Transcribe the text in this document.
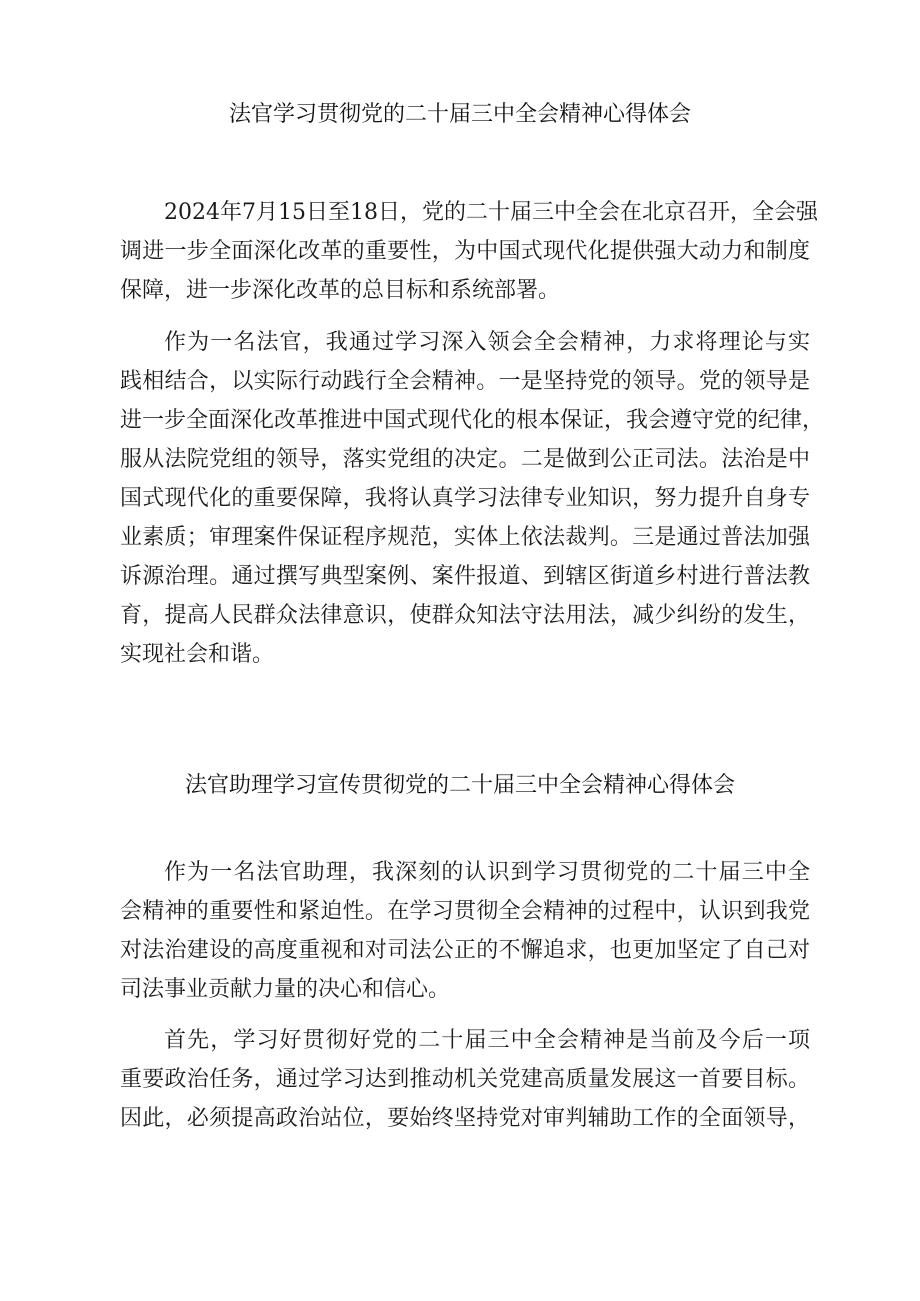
法官学习贯彻党的二十届三中全会精神心得体会
2024年7月15日至18日，党的二十届三中全会在北京召开，全会强
调进一步全面深化改革的重要性，为中国式现代化提供强大动力和制度
保障，进一步深化改革的总目标和系统部署。
作为一名法官，我通过学习深入领会全会精神，力求将理论与实
践相结合，以实际行动践行全会精神。一是坚持党的领导。党的领导是
进一步全面深化改革推进中国式现代化的根本保证，我会遵守党的纪律，
服从法院党组的领导，落实党组的决定。二是做到公正司法。法治是中
国式现代化的重要保障，我将认真学习法律专业知识，努力提升自身专
业素质；审理案件保证程序规范，实体上依法裁判。三是通过普法加强
诉源治理。通过撰写典型案例、案件报道、到辖区街道乡村进行普法教
育，提高人民群众法律意识，使群众知法守法用法，减少纠纷的发生，
实现社会和谐。
法官助理学习宣传贯彻党的二十届三中全会精神心得体会
作为一名法官助理，我深刻的认识到学习贯彻党的二十届三中全
会精神的重要性和紧迫性。在学习贯彻全会精神的过程中，认识到我党
对法治建设的高度重视和对司法公正的不懈追求，也更加坚定了自己对
司法事业贡献力量的决心和信心。
首先，学习好贯彻好党的二十届三中全会精神是当前及今后一项
重要政治任务，通过学习达到推动机关党建高质量发展这一首要目标。
因此，必须提高政治站位，要始终坚持党对审判辅助工作的全面领导，
